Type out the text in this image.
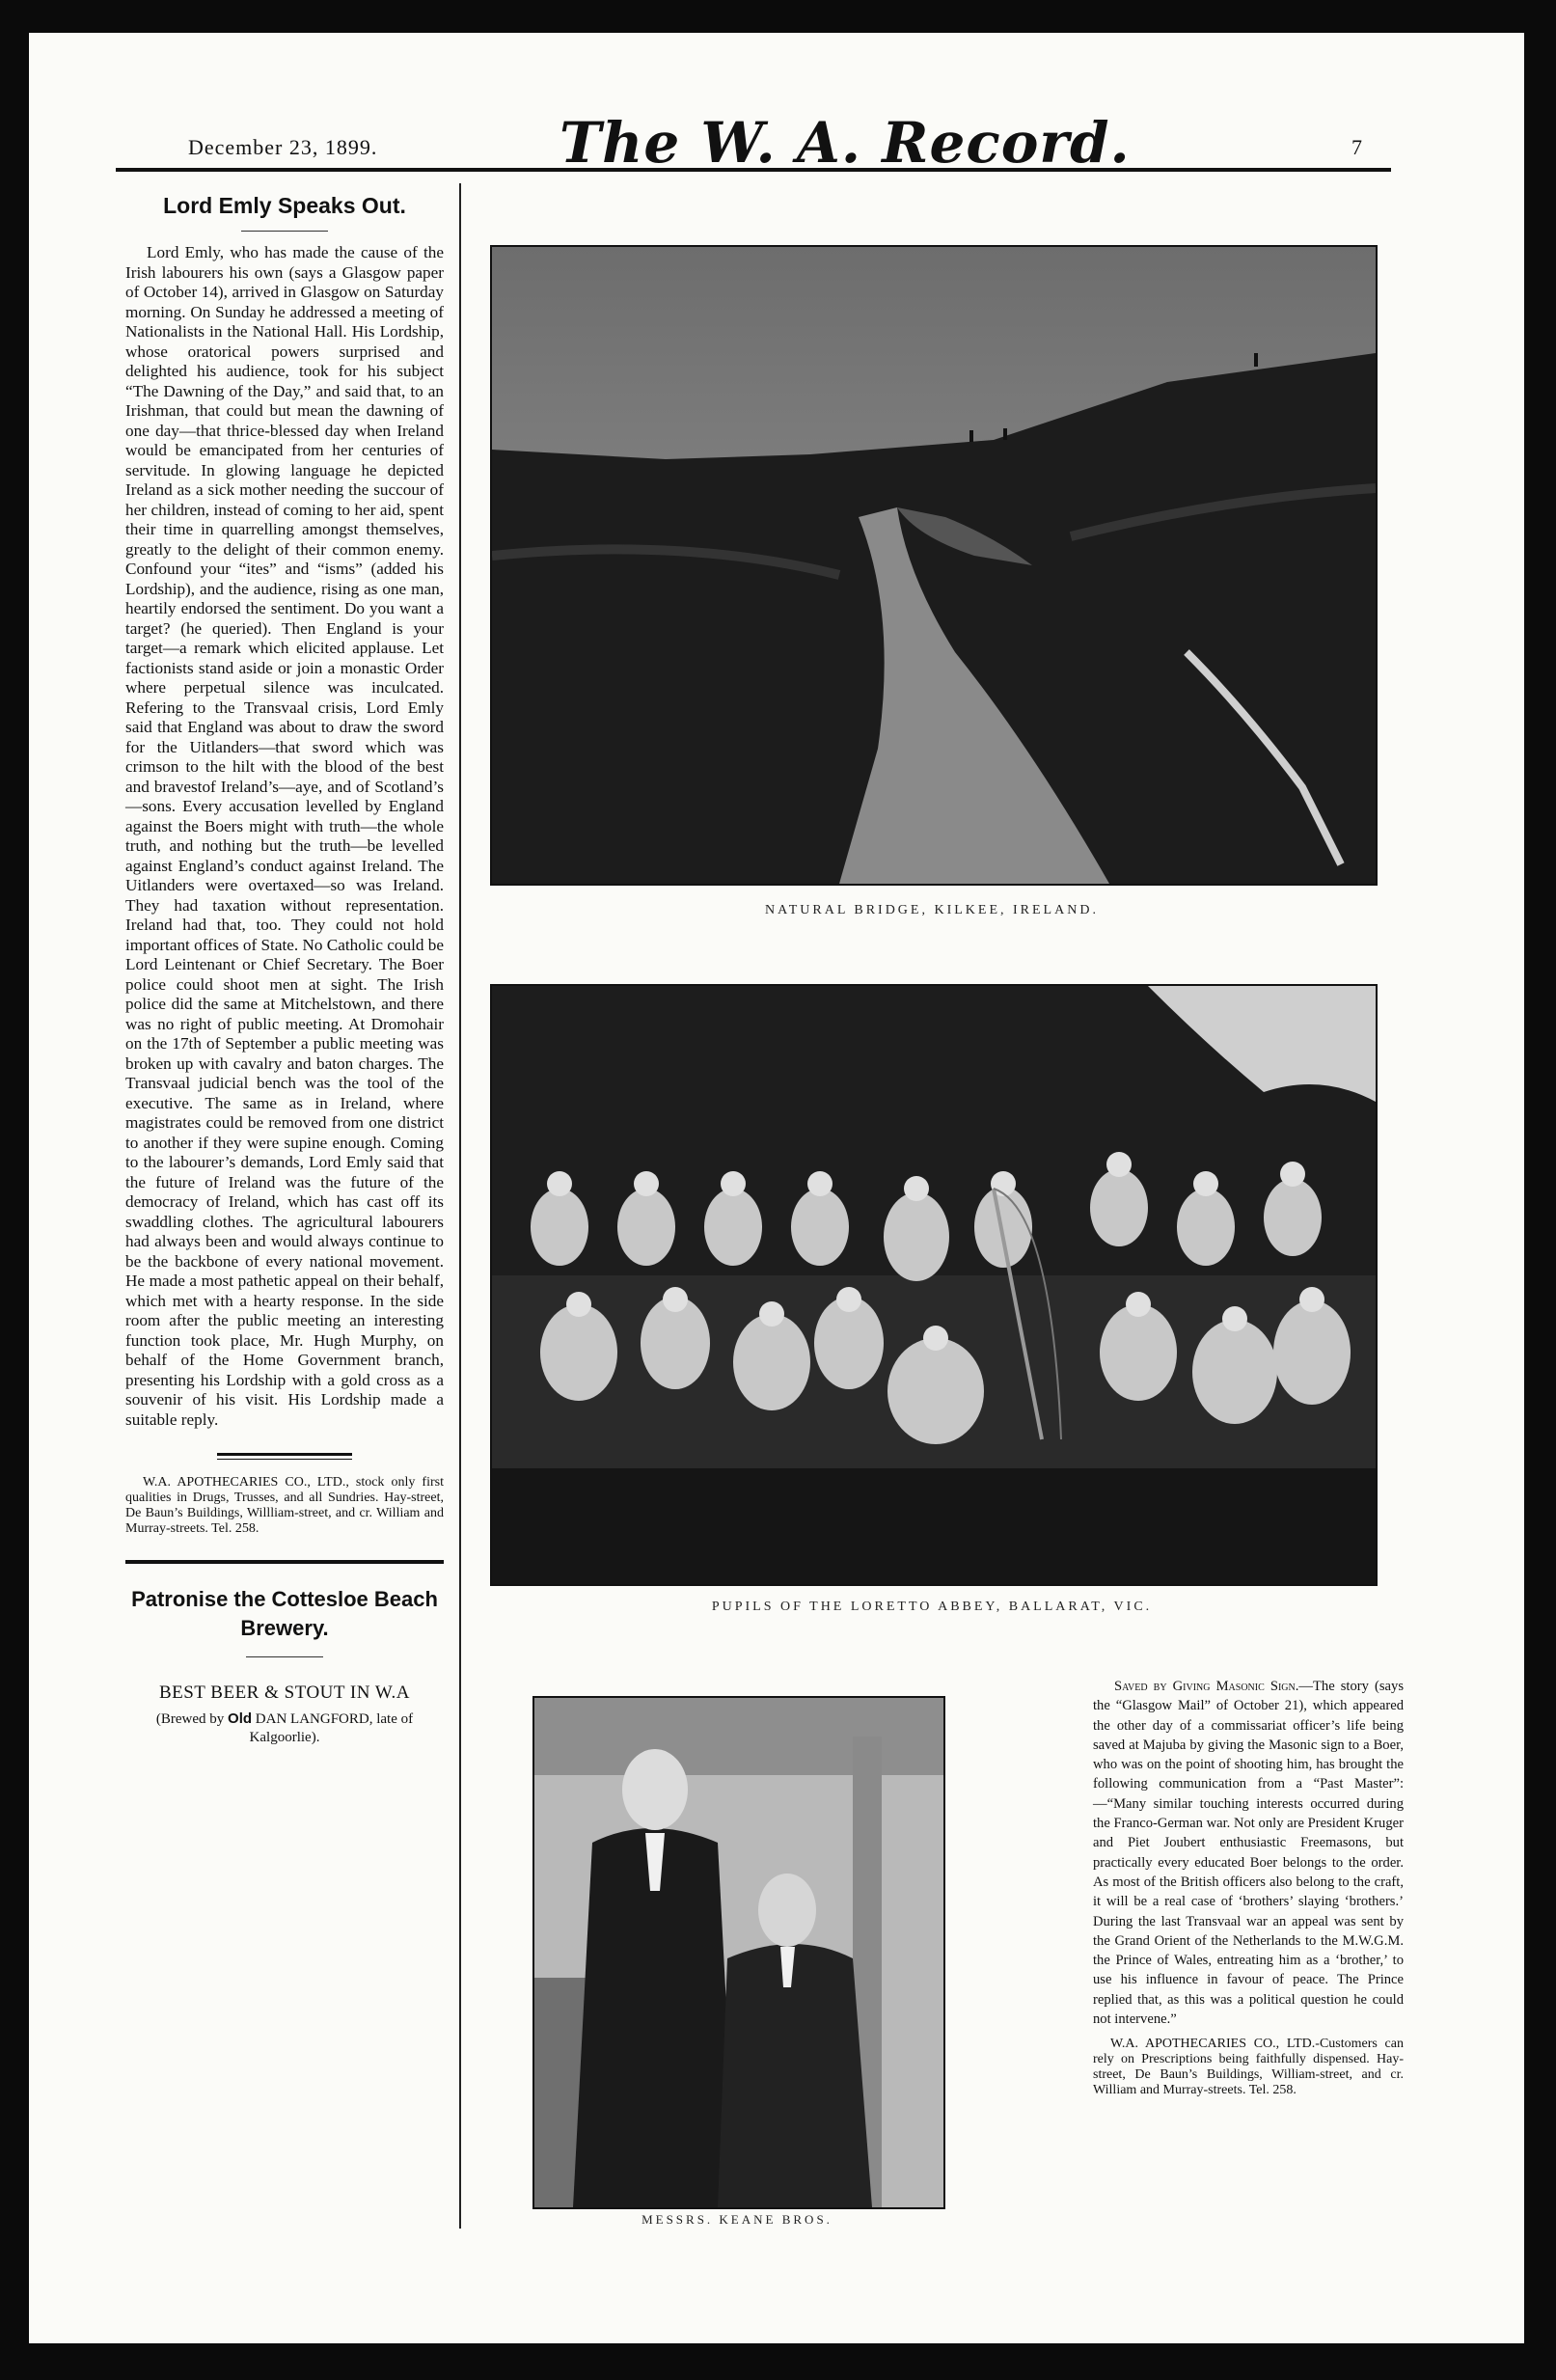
December 23, 1899.	The W. A. Record.	7
Lord Emly Speaks Out.

Lord Emly, who has made the cause of the Irish labourers his own (says a Glasgow paper of October 14), arrived in Glasgow on Saturday morning. On Sunday he addressed a meeting of Nationalists in the National Hall. His Lordship, whose oratorical powers surprised and delighted his audience, took for his subject “The Dawning of the Day,” and said that, to an Irishman, that could but mean the dawning of one day—that thrice-blessed day when Ireland would be emancipated from her centuries of servitude. In glowing language he depicted Ireland as a sick mother needing the succour of her children, instead of coming to her aid, spent their time in quarrelling amongst themselves, greatly to the delight of their common enemy. Confound your “ites” and “isms” (added his Lordship), and the audience, rising as one man, heartily endorsed the sentiment. Do you want a target? (he queried). Then England is your target—a remark which elicited applause. Let factionists stand aside or join a monastic Order where perpetual silence was inculcated. Refering to the Transvaal crisis, Lord Emly said that England was about to draw the sword for the Uitlanders—that sword which was crimson to the hilt with the blood of the best and bravestof Ireland’s—aye, and of Scotland’s—sons. Every accusation levelled by England against the Boers might with truth—the whole truth, and nothing but the truth—be levelled against England’s conduct against Ireland. The Uitlanders were overtaxed—so was Ireland. They had taxation without representation. Ireland had that, too. They could not hold important offices of State. No Catholic could be Lord Leintenant or Chief Secretary. The Boer police could shoot men at sight. The Irish police did the same at Mitchelstown, and there was no right of public meeting. At Dromohair on the 17th of September a public meeting was broken up with cavalry and baton charges. The Transvaal judicial bench was the tool of the executive. The same as in Ireland, where magistrates could be removed from one district to another if they were supine enough. Coming to the labourer’s demands, Lord Emly said that the future of Ireland was the future of the democracy of Ireland, which has cast off its swaddling clothes. The agricultural labourers had always been and would always continue to be the backbone of every national movement. He made a most pathetic appeal on their behalf, which met with a hearty response. In the side room after the public meeting an interesting function took place, Mr. Hugh Murphy, on behalf of the Home Government branch, presenting his Lordship with a gold cross as a souvenir of his visit. His Lordship made a suitable reply.

W.A. APOTHECARIES CO., LTD., stock only first qualities in Drugs, Trusses, and all Sundries. Hay-street, De Baun’s Buildings, Willliam-street, and cr. William and Murray-streets. Tel. 258.

Patronise the Cottesloe Beach Brewery.
BEST BEER & STOUT IN W.A
(Brewed by Old DAN LANGFORD, late of Kalgoorlie).
NATURAL BRIDGE, KILKEE, IRELAND.
PUPILS OF THE LORETTO ABBEY, BALLARAT, VIC.
MESSRS. KEANE BROS.

Saved by Giving Masonic Sign.—The story (says the “Glasgow Mail” of October 21), which appeared the other day of a commissariat officer’s life being saved at Majuba by giving the Masonic sign to a Boer, who was on the point of shooting him, has brought the following communication from a “Past Master”:—“Many similar touching interests occurred during the Franco-German war. Not only are President Kruger and Piet Joubert enthusiastic Freemasons, but practically every educated Boer belongs to the order. As most of the British officers also belong to the craft, it will be a real case of ‘brothers’ slaying ‘brothers.’ During the last Transvaal war an appeal was sent by the Grand Orient of the Netherlands to the M.W.G.M. the Prince of Wales, entreating him as a ‘brother,’ to use his influence in favour of peace. The Prince replied that, as this was a political question he could not intervene.”

W.A. APOTHECARIES CO., LTD.-Customers can rely on Prescriptions being faithfully dispensed. Hay-street, De Baun’s Buildings, William-street, and cr. William and Murray-streets. Tel. 258.
